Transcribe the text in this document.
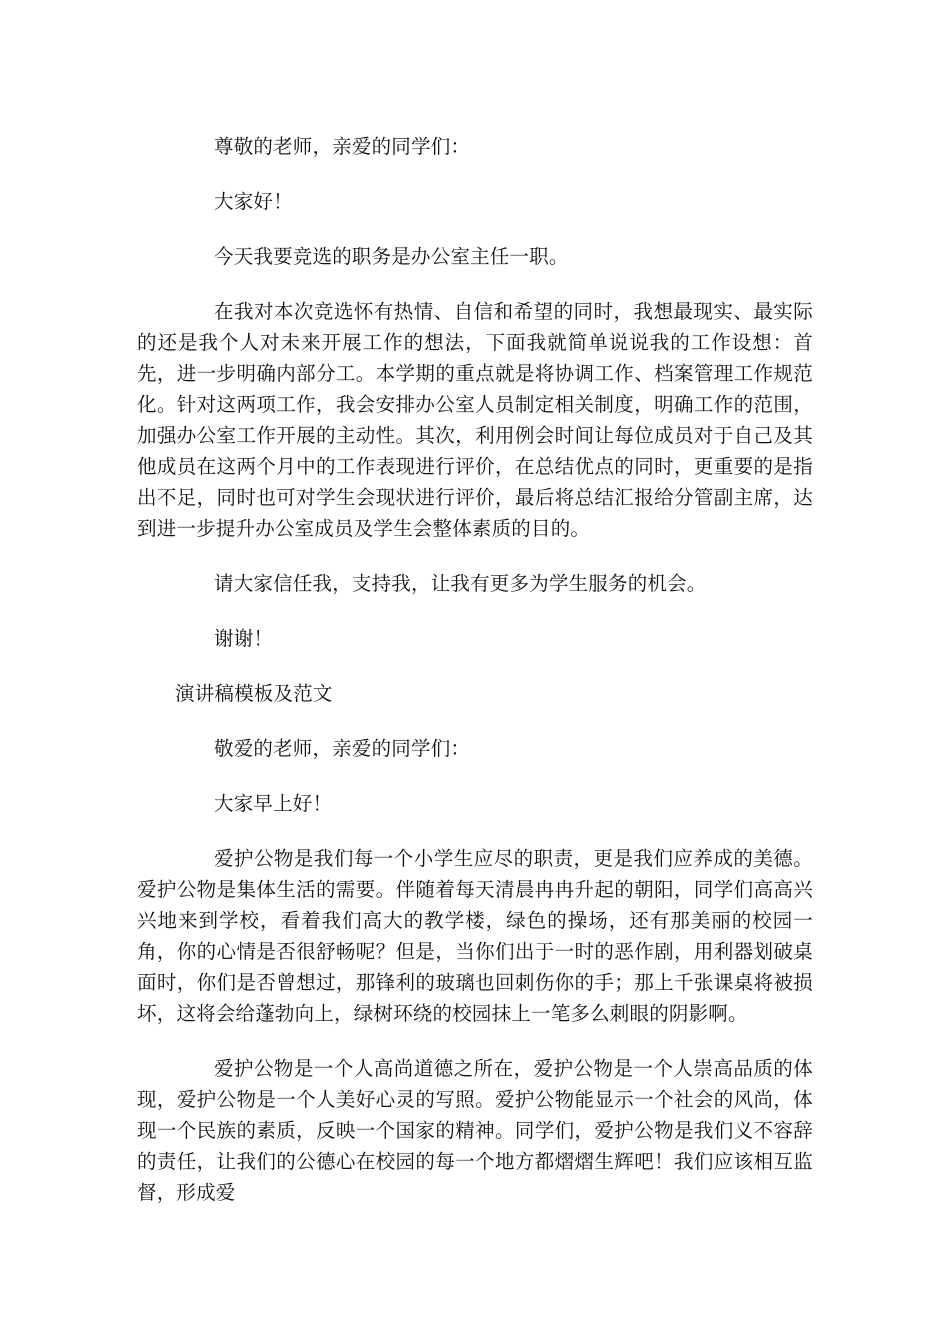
尊敬的老师，亲爱的同学们：

大家好！

今天我要竞选的职务是办公室主任一职。

在我对本次竞选怀有热情、自信和希望的同时，我想最现实、最实际的还是我个人对未来开展工作的想法，下面我就简单说说我的工作设想：首先，进一步明确内部分工。本学期的重点就是将协调工作、档案管理工作规范化。针对这两项工作，我会安排办公室人员制定相关制度，明确工作的范围，加强办公室工作开展的主动性。其次，利用例会时间让每位成员对于自己及其他成员在这两个月中的工作表现进行评价，在总结优点的同时，更重要的是指出不足，同时也可对学生会现状进行评价，最后将总结汇报给分管副主席，达到进一步提升办公室成员及学生会整体素质的目的。

请大家信任我，支持我，让我有更多为学生服务的机会。

谢谢！

演讲稿模板及范文

敬爱的老师，亲爱的同学们：

大家早上好！

爱护公物是我们每一个小学生应尽的职责，更是我们应养成的美德。爱护公物是集体生活的需要。伴随着每天清晨冉冉升起的朝阳，同学们高高兴兴地来到学校，看着我们高大的教学楼，绿色的操场，还有那美丽的校园一角，你的心情是否很舒畅呢？但是，当你们出于一时的恶作剧，用利器划破桌面时，你们是否曾想过，那锋利的玻璃也回刺伤你的手；那上千张课桌将被损坏，这将会给蓬勃向上，绿树环绕的校园抹上一笔多么刺眼的阴影啊。

爱护公物是一个人高尚道德之所在，爱护公物是一个人崇高品质的体现，爱护公物是一个人美好心灵的写照。爱护公物能显示一个社会的风尚，体现一个民族的素质，反映一个国家的精神。同学们，爱护公物是我们义不容辞的责任，让我们的公德心在校园的每一个地方都熠熠生辉吧！我们应该相互监督，形成爱
